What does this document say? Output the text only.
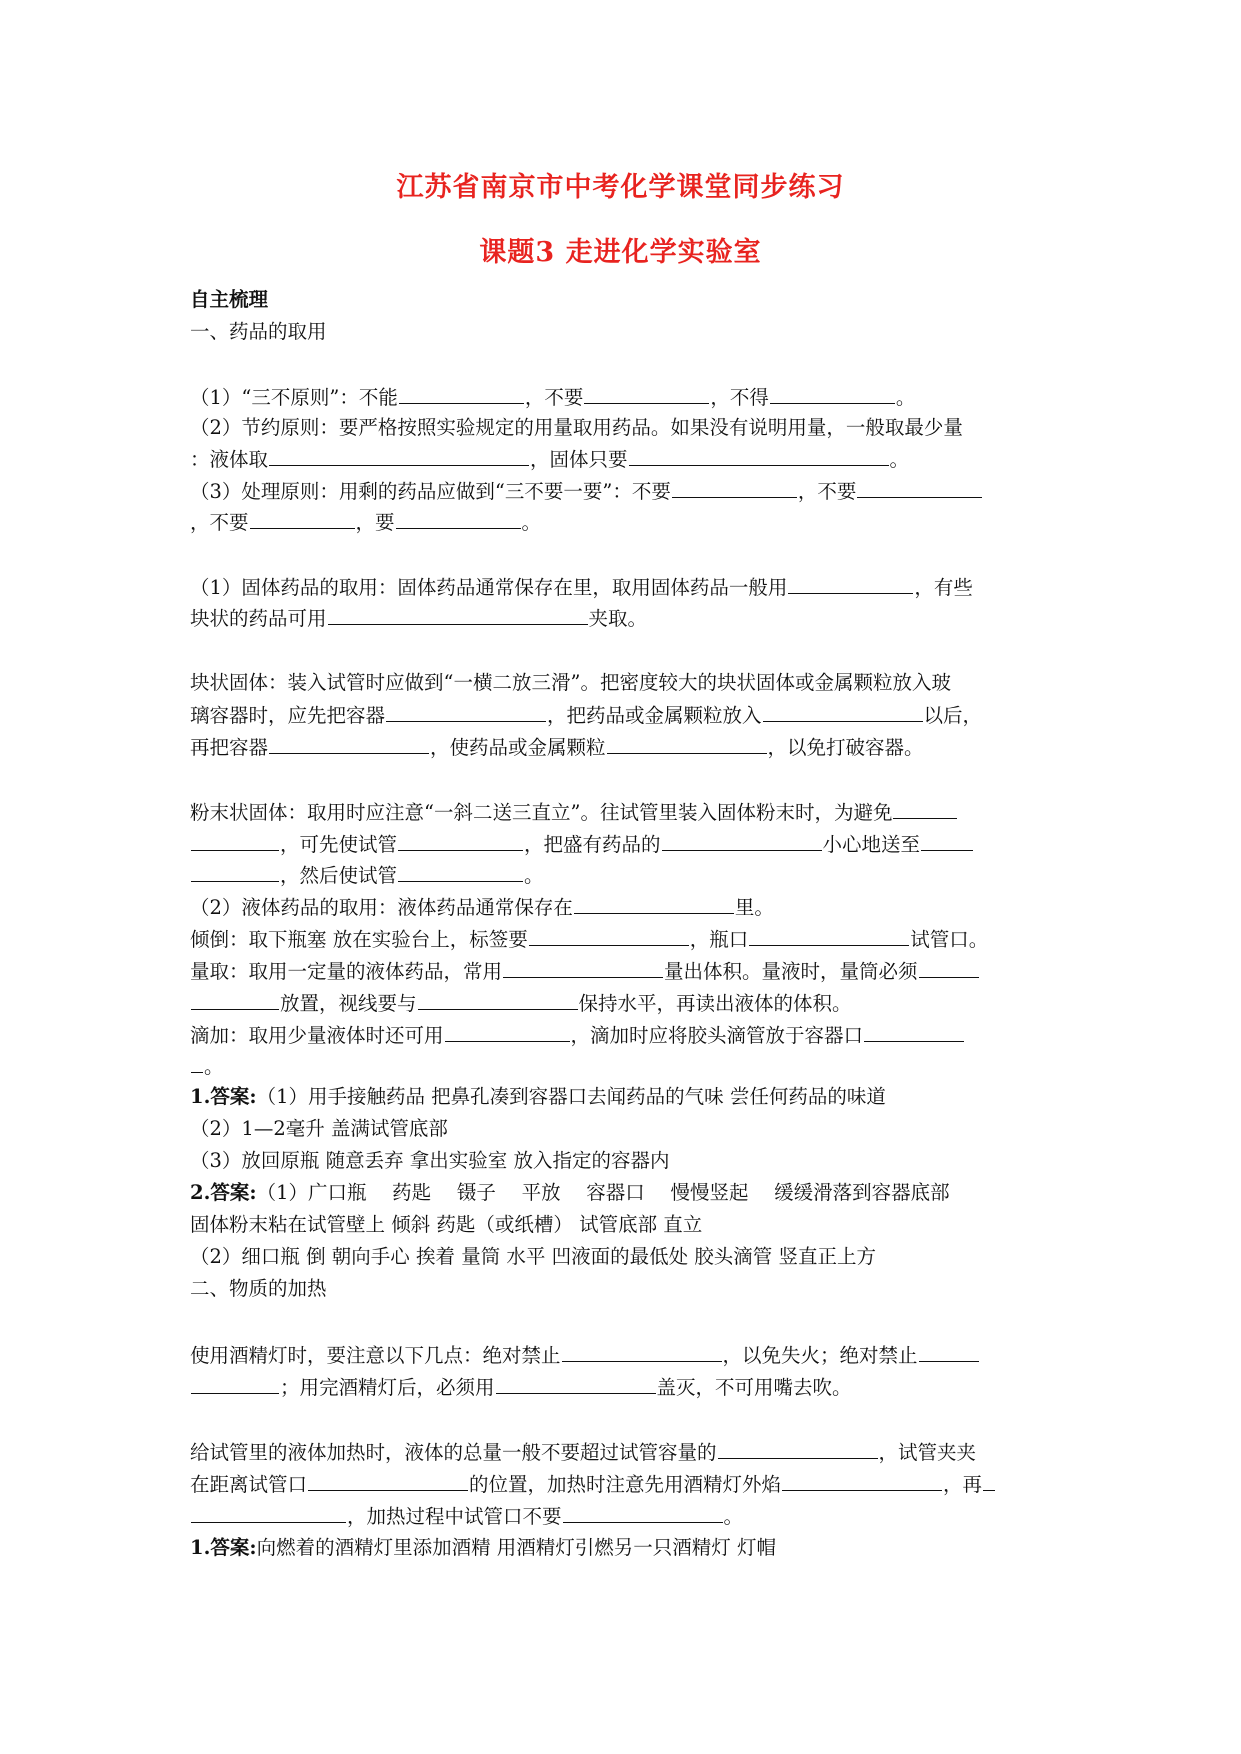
江苏省南京市中考化学课堂同步练习
课题3 走进化学实验室
自主梳理
一、药品的取用
（1）“三不原则”：不能	，不要	，不得	。
（2）节约原则：要严格按照实验规定的用量取用药品。如果没有说明用量，一般取最少量
：液体取	，固体只要	。
（3）处理原则：用剩的药品应做到“三不要一要”：不要	，不要
，不要	，要	。
（1）固体药品的取用：固体药品通常保存在里，取用固体药品一般用	，有些
块状的药品可用	夹取。
块状固体：装入试管时应做到“一横二放三滑”。把密度较大的块状固体或金属颗粒放入玻
璃容器时，应先把容器	，把药品或金属颗粒放入	以后，
再把容器	，使药品或金属颗粒	，以免打破容器。
粉末状固体：取用时应注意“一斜二送三直立”。往试管里装入固体粉末时，为避免
，可先使试管	，把盛有药品的	小心地送至
，然后使试管	。
（2）液体药品的取用：液体药品通常保存在	里。
倾倒：取下瓶塞 放在实验台上，标签要	，瓶口	试管口。
量取：取用一定量的液体药品，常用	量出体积。量液时，量筒必须
放置，视线要与	保持水平，再读出液体的体积。
滴加：取用少量液体时还可用	，滴加时应将胶头滴管放于容器口
。
1.答案:（1）用手接触药品 把鼻孔凑到容器口去闻药品的气味 尝任何药品的味道
（2）1—2毫升 盖满试管底部
（3）放回原瓶 随意丢弃 拿出实验室 放入指定的容器内
2.答案:（1）广口瓶　 药匙　 镊子　 平放　 容器口　 慢慢竖起　 缓缓滑落到容器底部
固体粉末粘在试管壁上 倾斜 药匙（或纸槽） 试管底部 直立
（2）细口瓶 倒 朝向手心 挨着 量筒 水平 凹液面的最低处 胶头滴管 竖直正上方
二、物质的加热
使用酒精灯时，要注意以下几点：绝对禁止	，以免失火；绝对禁止
；用完酒精灯后，必须用	盖灭，不可用嘴去吹。
给试管里的液体加热时，液体的总量一般不要超过试管容量的	，试管夹夹
在距离试管口	的位置，加热时注意先用酒精灯外焰	，再
，加热过程中试管口不要	。
1.答案:向燃着的酒精灯里添加酒精 用酒精灯引燃另一只酒精灯 灯帽
